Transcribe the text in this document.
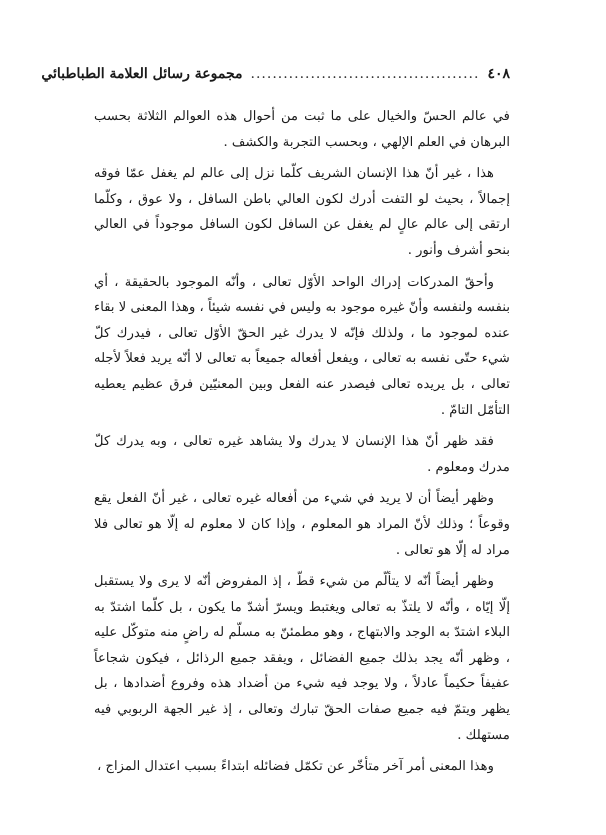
٤٠٨
..........................................
مجموعة رسائل العلامة الطباطبائي

في عالم الحسّ والخيال على ما ثبت من أحوال هذه العوالم الثلاثة بحسب البرهان في العلم الإلهي ، وبحسب التجربة والكشف .

هذا ، غير أنّ هذا الإنسان الشريف كلّما نزل إلى عالم لم يغفل عمّا فوقه إجمالاً ، بحيث لو التفت أدرك لكون العالي باطن السافل ، ولا عوق ، وكلّما ارتقى إلى عالم عالٍ لم يغفل عن السافل لكون السافل موجوداً في العالي بنحو أشرف وأنور .

وأحقّ المدركات إدراك الواحد الأوّل تعالى ، وأنّه الموجود بالحقيقة ، أي بنفسه ولنفسه وأنّ غيره موجود به وليس في نفسه شيئاً ، وهذا المعنى لا بقاء عنده لموجود ما ، ولذلك فإنّه لا يدرك غير الحقّ الأوّل تعالى ، فيدرك كلّ شيء حتّى نفسه به تعالى ، ويفعل أفعاله جميعاً به تعالى لا أنّه يريد فعلاً لأجله تعالى ، بل يريده تعالى فيصدر عنه الفعل وبين المعنيّين فرق عظيم يعطيه التأمّل التامّ .

فقد ظهر أنّ هذا الإنسان لا يدرك ولا يشاهد غيره تعالى ، وبه يدرك كلّ مدرك ومعلوم .

وظهر أيضاً أن لا يريد في شيء من أفعاله غيره تعالى ، غير أنّ الفعل يقع وقوعاً ؛ وذلك لأنّ المراد هو المعلوم ، وإذا كان لا معلوم له إلّا هو تعالى فلا مراد له إلّا هو تعالى .

وظهر أيضاً أنّه لا يتألّم من شيء قطّ ، إذ المفروض أنّه لا يرى ولا يستقبل إلّا إيّاه ، وأنّه لا يلتذّ به تعالى ويغتبط ويسرّ أشدّ ما يكون ، بل كلّما اشتدّ به البلاء اشتدّ به الوجد والابتهاج ، وهو مطمئنّ به مسلّم له راضٍ منه متوكّل عليه ، وظهر أنّه يجد بذلك جميع الفضائل ، ويفقد جميع الرذائل ، فيكون شجاعاً عفيفاً حكيماً عادلاً ، ولا يوجد فيه شيء من أضداد هذه وفروع أضدادها ، بل يظهر ويتمّ فيه جميع صفات الحقّ تبارك وتعالى ، إذ غير الجهة الربوبي فيه مستهلك .

وهذا المعنى أمر آخر متأخّر عن تكمّل فضائله ابتداءً بسبب اعتدال المزاج ،
